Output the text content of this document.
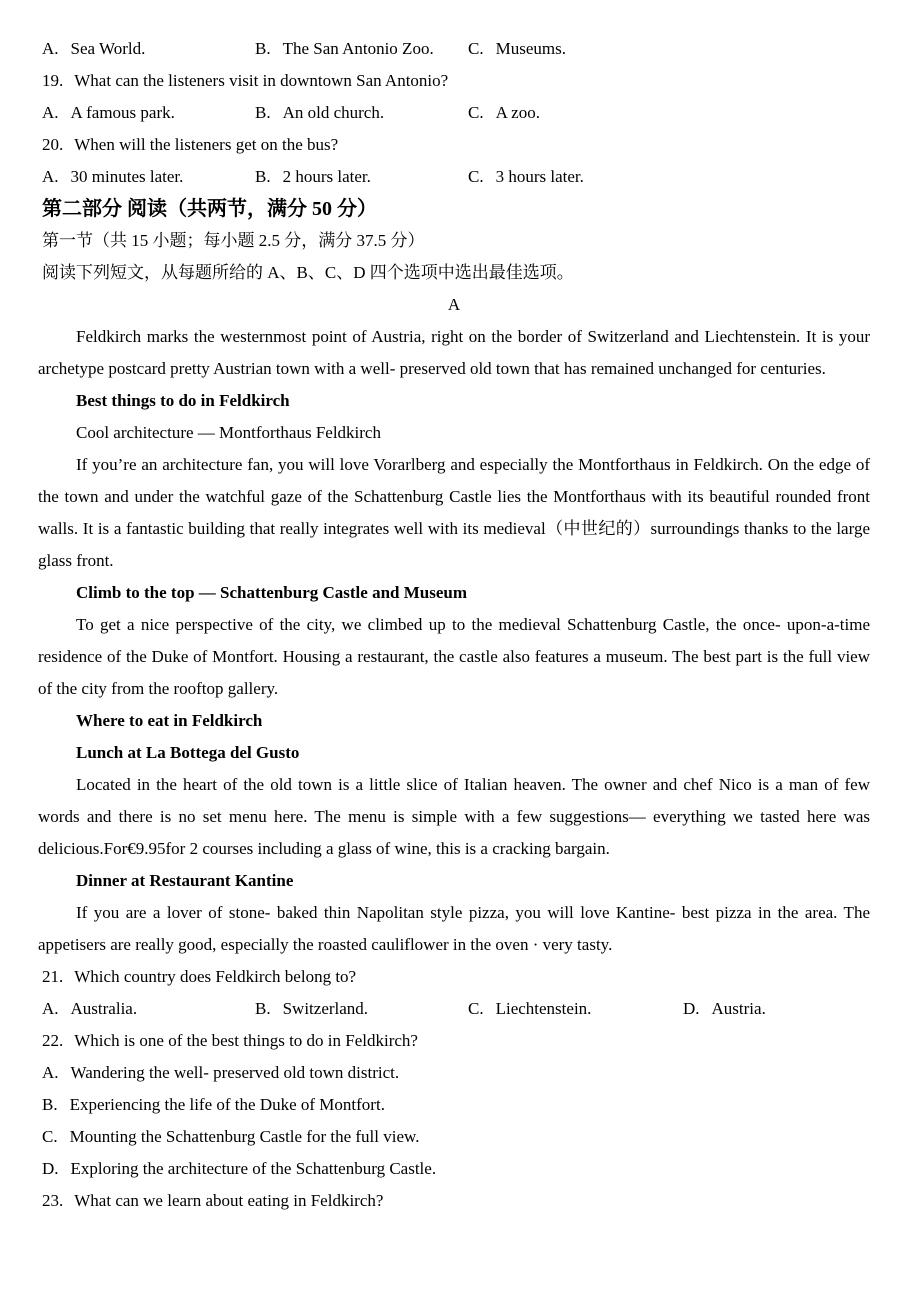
A. Sea World.	B. The San Antonio Zoo.	C. Museums.

19. What can the listeners visit in downtown San Antonio?

A. A famous park.	B. An old church.	C. A zoo.

20. When will the listeners get on the bus?

A. 30 minutes later.	B. 2 hours later.	C. 3 hours later.

第二部分 阅读（共两节，满分 50 分）

第一节（共 15 小题；每小题 2.5 分，满分 37.5 分）

阅读下列短文，从每题所给的 A、B、C、D 四个选项中选出最佳选项。

A

Feldkirch marks the westernmost point of Austria, right on the border of Switzerland and Liechtenstein. It is your archetype postcard pretty Austrian town with a well- preserved old town that has remained unchanged for centuries.

Best things to do in Feldkirch

Cool architecture — Montforthaus Feldkirch

If you’re an architecture fan, you will love Vorarlberg and especially the Montforthaus in Feldkirch. On the edge of the town and under the watchful gaze of the Schattenburg Castle lies the Montforthaus with its beautiful rounded front walls. It is a fantastic building that really integrates well with its medieval（中世纪的）surroundings thanks to the large glass front.

Climb to the top — Schattenburg Castle and Museum

To get a nice perspective of the city, we climbed up to the medieval Schattenburg Castle, the once- upon-a-time residence of the Duke of Montfort. Housing a restaurant, the castle also features a museum. The best part is the full view of the city from the rooftop gallery.

Where to eat in Feldkirch

Lunch at La Bottega del Gusto

Located in the heart of the old town is a little slice of Italian heaven. The owner and chef Nico is a man of few words and there is no set menu here. The menu is simple with a few suggestions— everything we tasted here was delicious.For€9.95for 2 courses including a glass of wine, this is a cracking bargain.

Dinner at Restaurant Kantine

If you are a lover of stone- baked thin Napolitan style pizza, you will love Kantine- best pizza in the area. The appetisers are really good, especially the roasted cauliflower in the oven · very tasty.

21. Which country does Feldkirch belong to?

A. Australia.	B. Switzerland.	C. Liechtenstein.	D. Austria.

22. Which is one of the best things to do in Feldkirch?

A. Wandering the well- preserved old town district.

B. Experiencing the life of the Duke of Montfort.

C. Mounting the Schattenburg Castle for the full view.

D. Exploring the architecture of the Schattenburg Castle.

23. What can we learn about eating in Feldkirch?
